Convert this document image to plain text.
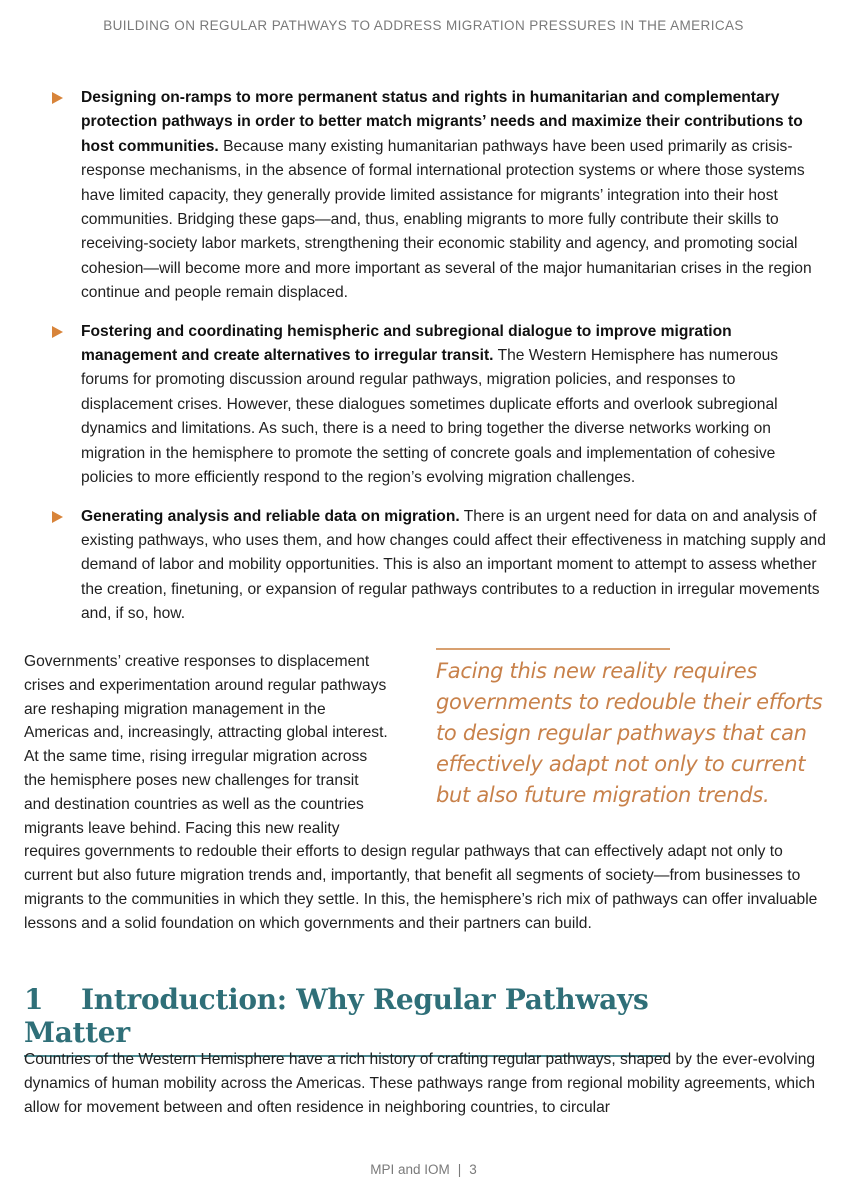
BUILDING ON REGULAR PATHWAYS TO ADDRESS MIGRATION PRESSURES IN THE AMERICAS
Designing on-ramps to more permanent status and rights in humanitarian and complementary protection pathways in order to better match migrants’ needs and maximize their contributions to host communities. Because many existing humanitarian pathways have been used primarily as crisis-response mechanisms, in the absence of formal international protection systems or where those systems have limited capacity, they generally provide limited assistance for migrants’ integration into their host communities. Bridging these gaps—and, thus, enabling migrants to more fully contribute their skills to receiving-society labor markets, strengthening their economic stability and agency, and promoting social cohesion—will become more and more important as several of the major humanitarian crises in the region continue and people remain displaced.
Fostering and coordinating hemispheric and subregional dialogue to improve migration management and create alternatives to irregular transit. The Western Hemisphere has numerous forums for promoting discussion around regular pathways, migration policies, and responses to displacement crises. However, these dialogues sometimes duplicate efforts and overlook subregional dynamics and limitations. As such, there is a need to bring together the diverse networks working on migration in the hemisphere to promote the setting of concrete goals and implementation of cohesive policies to more efficiently respond to the region’s evolving migration challenges.
Generating analysis and reliable data on migration. There is an urgent need for data on and analysis of existing pathways, who uses them, and how changes could affect their effectiveness in matching supply and demand of labor and mobility opportunities. This is also an important moment to attempt to assess whether the creation, finetuning, or expansion of regular pathways contributes to a reduction in irregular movements and, if so, how.
Facing this new reality requires governments to redouble their efforts to design regular pathways that can effectively adapt not only to current but also future migration trends.
Governments’ creative responses to displacement
crises and experimentation around regular pathways
are reshaping migration management in the
Americas and, increasingly, attracting global interest.
At the same time, rising irregular migration across
the hemisphere poses new challenges for transit
and destination countries as well as the countries
migrants leave behind. Facing this new reality
requires governments to redouble their efforts to design regular pathways that can effectively adapt not only to current but also future migration trends and, importantly, that benefit all segments of society—from businesses to migrants to the communities in which they settle. In this, the hemisphere’s rich mix of pathways can offer invaluable lessons and a solid foundation on which governments and their partners can build.
1 Introduction: Why Regular Pathways Matter
Countries of the Western Hemisphere have a rich history of crafting regular pathways, shaped by the ever-evolving dynamics of human mobility across the Americas. These pathways range from regional mobility agreements, which allow for movement between and often residence in neighboring countries, to circular
MPI and IOM | 3
